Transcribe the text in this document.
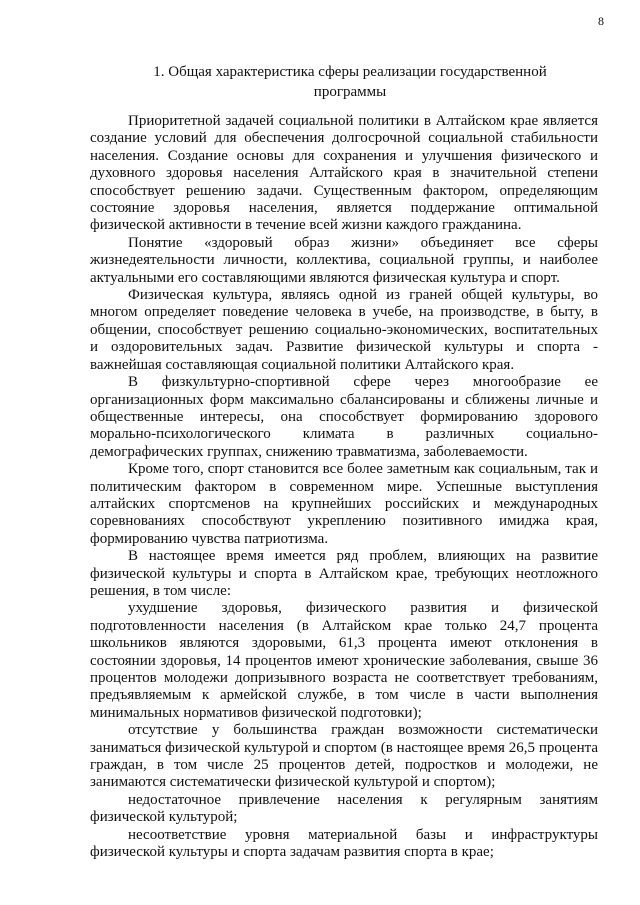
8
1. Общая характеристика сферы реализации государственной программы

Приоритетной задачей социальной политики в Алтайском крае является создание условий для обеспечения долгосрочной социальной стабильности населения. Создание основы для сохранения и улучшения физического и духовного здоровья населения Алтайского края в значительной степени способствует решению задачи. Существенным фактором, определяющим состояние здоровья населения, является поддержание оптимальной физической активности в течение всей жизни каждого гражданина.

Понятие «здоровый образ жизни» объединяет все сферы жизнедеятельности личности, коллектива, социальной группы, и наиболее актуальными его составляющими являются физическая культура и спорт.

Физическая культура, являясь одной из граней общей культуры, во многом определяет поведение человека в учебе, на производстве, в быту, в общении, способствует решению социально-экономических, воспитательных и оздоровительных задач. Развитие физической культуры и спорта - важнейшая составляющая социальной политики Алтайского края.

В физкультурно-спортивной сфере через многообразие ее организационных форм максимально сбалансированы и сближены личные и общественные интересы, она способствует формированию здорового морально-психологического климата в различных социально-демографических группах, снижению травматизма, заболеваемости.

Кроме того, спорт становится все более заметным как социальным, так и политическим фактором в современном мире. Успешные выступления алтайских спортсменов на крупнейших российских и международных соревнованиях способствуют укреплению позитивного имиджа края, формированию чувства патриотизма.

В настоящее время имеется ряд проблем, влияющих на развитие физической культуры и спорта в Алтайском крае, требующих неотложного решения, в том числе:

ухудшение здоровья, физического развития и физической подготовленности населения (в Алтайском крае только 24,7 процента школьников являются здоровыми, 61,3 процента имеют отклонения в состоянии здоровья, 14 процентов имеют хронические заболевания, свыше 36 процентов молодежи допризывного возраста не соответствует требованиям, предъявляемым к армейской службе, в том числе в части выполнения минимальных нормативов физической подготовки);

отсутствие у большинства граждан возможности систематически заниматься физической культурой и спортом (в настоящее время 26,5 процента граждан, в том числе 25 процентов детей, подростков и молодежи, не занимаются систематически физической культурой и спортом);

недостаточное привлечение населения к регулярным занятиям физической культурой;

несоответствие уровня материальной базы и инфраструктуры физической культуры и спорта задачам развития спорта в крае;
